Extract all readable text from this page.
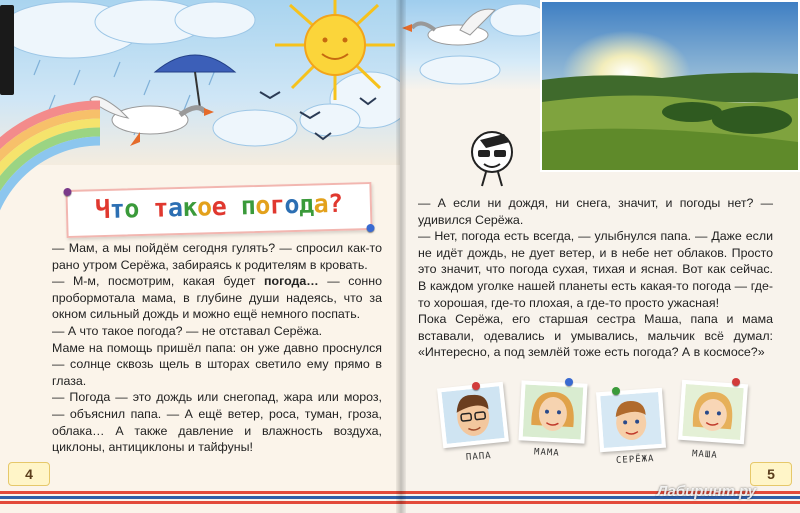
Что такое погода?

— Мам, а мы пойдём сегодня гулять? — спросил как-то рано утром Серёжа, забираясь к родителям в кровать.

— М-м, посмотрим, какая будет погода… — сонно пробормотала мама, в глубине души надеясь, что за окном сильный дождь и можно ещё немного поспать.

— А что такое погода? — не отставал Серёжа.

Маме на помощь пришёл папа: он уже давно проснулся — солнце сквозь щель в шторах светило ему прямо в глаза.

— Погода — это дождь или снегопад, жара или мороз, — объяснил папа. — А ещё ветер, роса, туман, гроза, облака… А также давление и влажность воздуха, циклоны, антициклоны и тайфуны!

4

— А если ни дождя, ни снега, значит, и погоды нет? — удивился Серёжа.

— Нет, погода есть всегда, — улыбнулся папа. — Даже если не идёт дождь, не дует ветер, и в небе нет облаков. Просто это значит, что погода сухая, тихая и ясная. Вот как сейчас. В каждом уголке нашей планеты есть какая-то погода — где-то хорошая, где-то плохая, а где-то просто ужасная!

Пока Серёжа, его старшая сестра Маша, папа и мама вставали, одевались и умывались, мальчик всё думал: «Интересно, а под землёй тоже есть погода? А в космосе?»

ПАПА	МАМА
СЕРЁЖА	МАША
5
Лабиринт.ру
